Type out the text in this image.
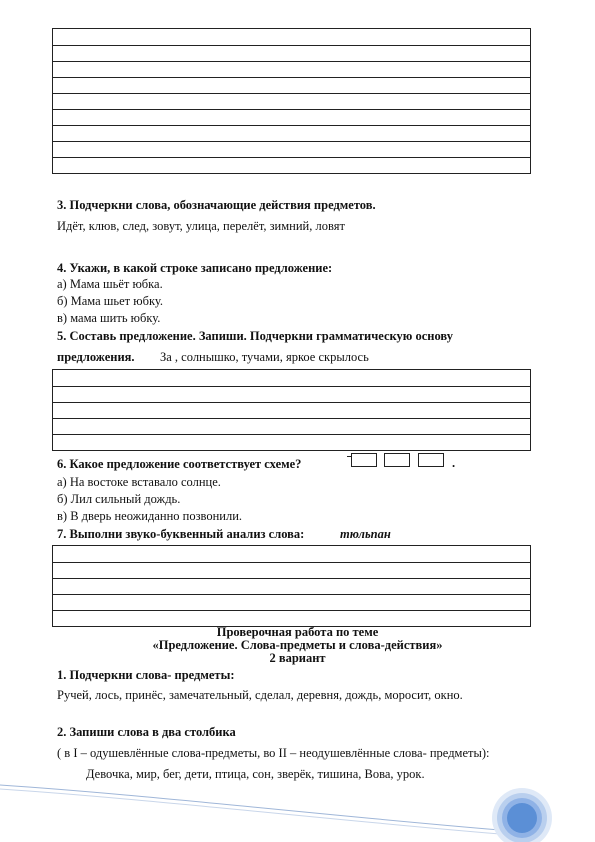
3. Подчеркни слова, обозначающие действия предметов.
Идёт, клюв, след, зовут, улица, перелёт, зимний, ловят
4. Укажи, в какой строке записано предложение:
а) Мама шьёт юбка.
б) Мама шьет юбку.
в) мама шить юбку.
5. Составь предложение. Запиши. Подчеркни грамматическую основу
предложения. За , солнышко, тучами, яркое скрылось
6. Какое предложение соответствует схеме?	.
а) На востоке вставало солнце.
б) Лил сильный дождь.
в) В дверь неожиданно позвонили.
7. Выполни звуко-буквенный анализ слова:	тюльпан
Проверочная работа по теме
«Предложение. Слова-предметы и слова-действия»
2 вариант
1. Подчеркни слова- предметы:
Ручей, лось, принёс, замечательный, сделал, деревня, дождь, моросит, окно.
2. Запиши слова в два столбика
( в I – одушевлённые слова-предметы, во II – неодушевлённые слова- предметы):
Девочка, мир, бег, дети, птица, сон, зверёк, тишина, Вова, урок.
